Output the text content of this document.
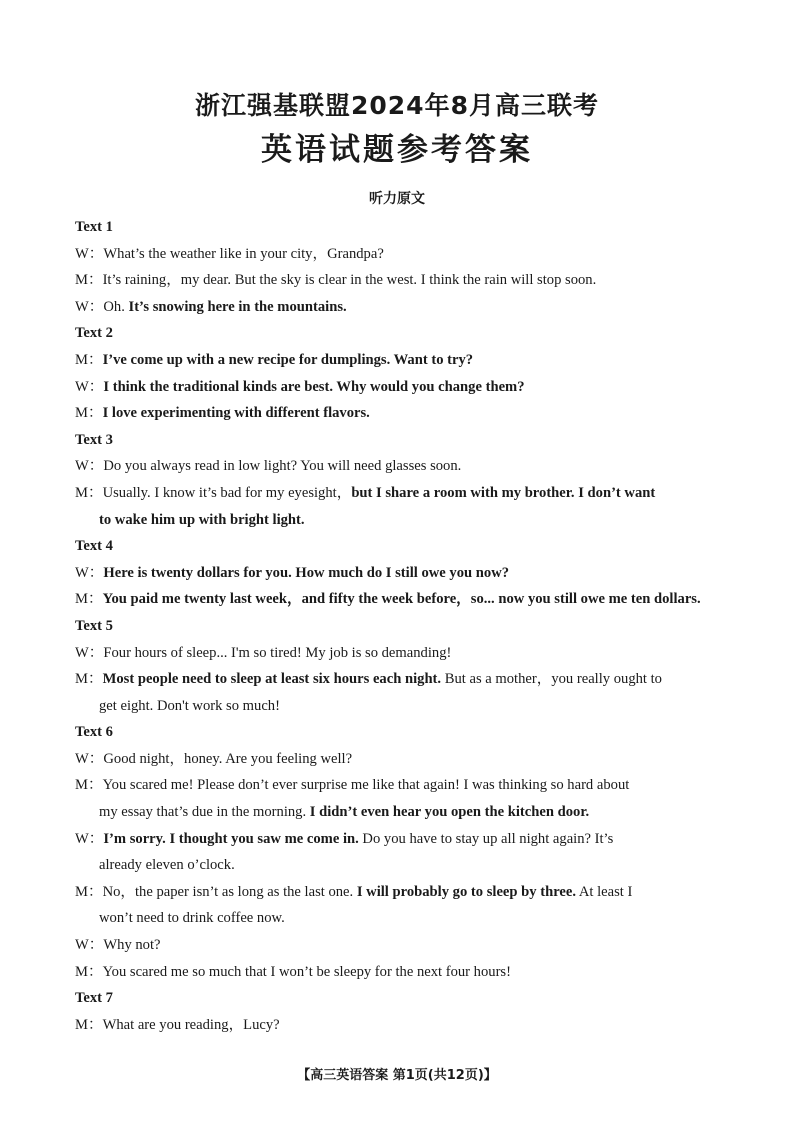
浙江强基联盟2024年8月高三联考
英语试题参考答案
听力原文
Text 1
W：What’s the weather like in your city，Grandpa?
M：It’s raining，my dear. But the sky is clear in the west. I think the rain will stop soon.
W：Oh. It’s snowing here in the mountains.
Text 2
M：I’ve come up with a new recipe for dumplings. Want to try?
W：I think the traditional kinds are best. Why would you change them?
M：I love experimenting with different flavors.
Text 3
W：Do you always read in low light? You will need glasses soon.
M：Usually. I know it’s bad for my eyesight，but I share a room with my brother. I don’t want
to wake him up with bright light.
Text 4
W：Here is twenty dollars for you. How much do I still owe you now?
M：You paid me twenty last week，and fifty the week before，so... now you still owe me ten dollars.
Text 5
W：Four hours of sleep... I'm so tired! My job is so demanding!
M：Most people need to sleep at least six hours each night. But as a mother，you really ought to
get eight. Don't work so much!
Text 6
W：Good night，honey. Are you feeling well?
M：You scared me! Please don’t ever surprise me like that again! I was thinking so hard about
my essay that’s due in the morning. I didn’t even hear you open the kitchen door.
W：I’m sorry. I thought you saw me come in. Do you have to stay up all night again? It’s
already eleven o’clock.
M：No，the paper isn’t as long as the last one. I will probably go to sleep by three. At least I
won’t need to drink coffee now.
W：Why not?
M：You scared me so much that I won’t be sleepy for the next four hours!
Text 7
M：What are you reading，Lucy?
【高三英语答案 第1页(共12页)】
